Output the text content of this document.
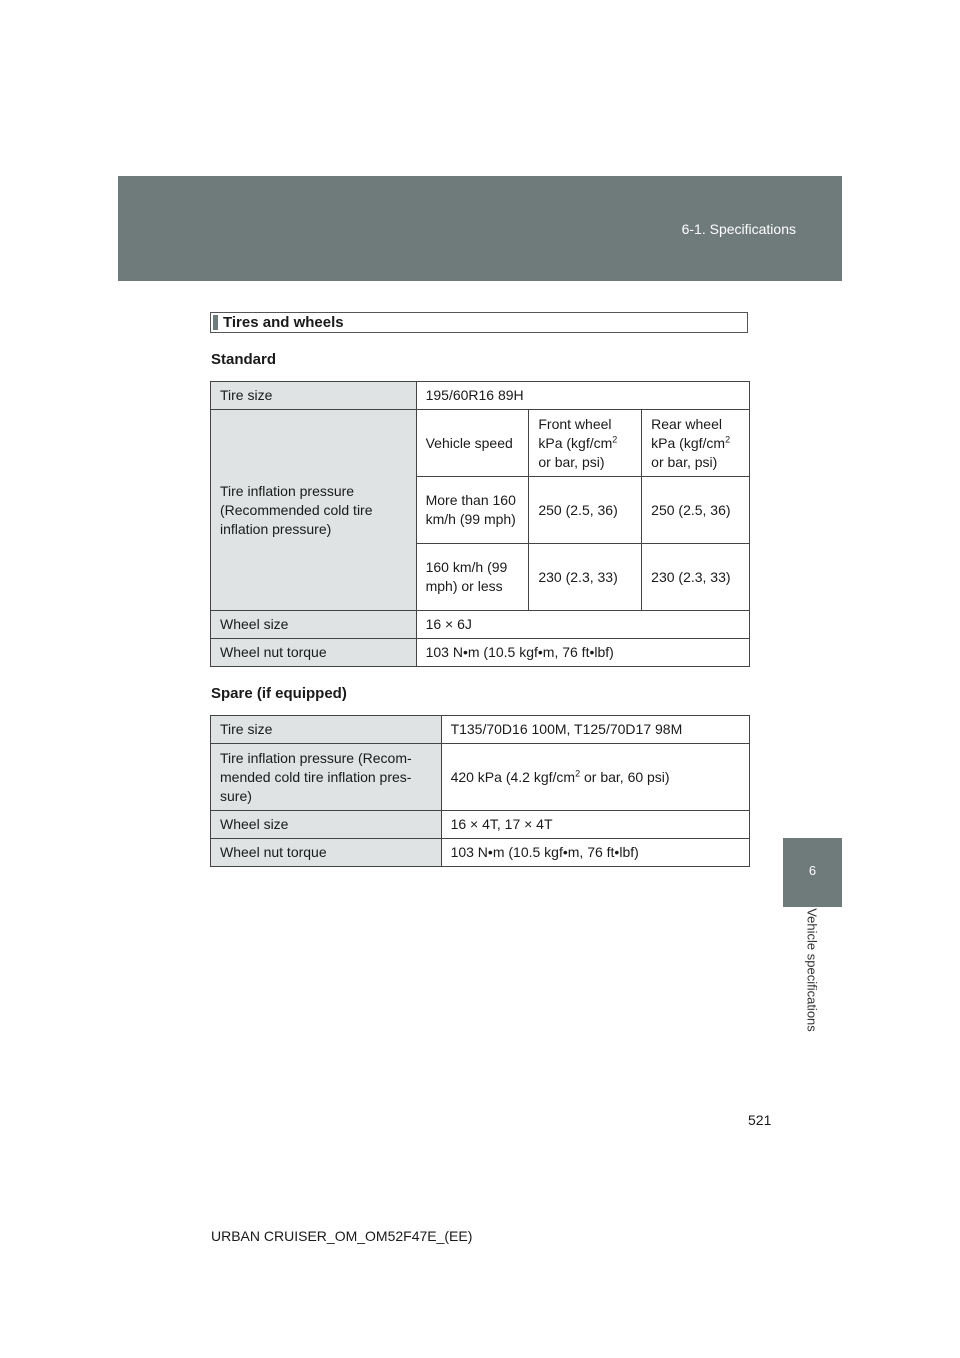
6-1. Specifications
6
Vehicle specifications
Tires and wheels
Standard
Tire size	195/60R16 89H		
Tire inflation pressure (Recommended cold tire inflation pressure)	Vehicle speed	Front wheel kPa ($kgf/cm^2$ or bar, psi)	Rear wheel kPa ($kgf/cm^2$ or bar, psi)
	More than 160 km/h (99 mph)	250 (2.5, 36)	250 (2.5, 36)
	160 km/h (99 mph) or less	230 (2.3, 33)	230 (2.3, 33)
Wheel size	16 × 6J		
Wheel nut torque	103 N•m (10.5 kgf•m, 76 ft•lbf)		
Spare (if equipped)
Tire size	T135/70D16 100M, T125/70D17 98M
Tire inflation pressure (Recom- mended cold tire inflation pres- sure)	420 kPa (4.2 kgf/$cm^2$ or bar, 60 psi)
Wheel size	16 × 4T, 17 × 4T
Wheel nut torque	103 N•m (10.5 kgf•m, 76 ft•lbf)
521
URBAN CRUISER_OM_OM52F47E_(EE)
